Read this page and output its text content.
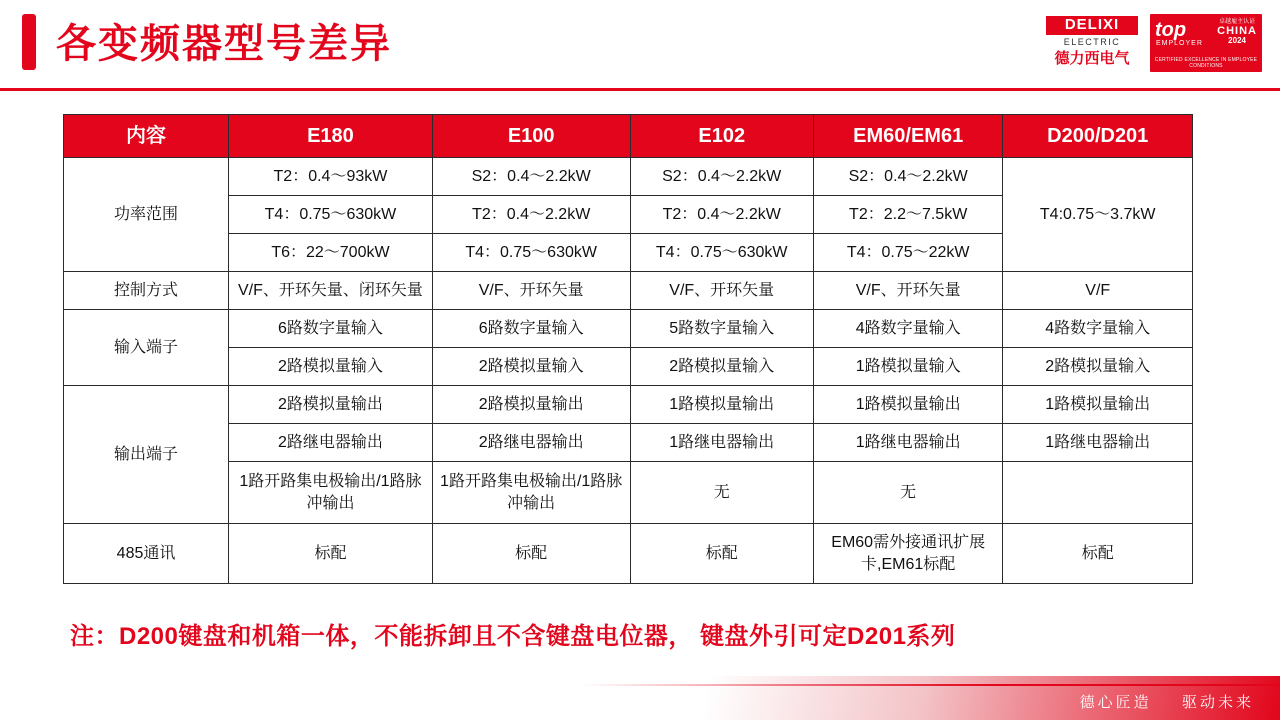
各变频器型号差异	DELIXI
ELECTRIC
德力西电气
top
EMPLOYER
卓越雇主认证
CHINA
2024
CERTIFIED EXCELLENCE IN EMPLOYEE CONDITIONS
内容	E180	E100	E102	EM60/EM61	D200/D201
功率范围	T2：0.4～93kW	S2：0.4～2.2kW	S2：0.4～2.2kW	S2：0.4～2.2kW	T4:0.75～3.7kW
	T4：0.75～630kW	T2：0.4～2.2kW	T2：0.4～2.2kW	T2：2.2～7.5kW	
	T6：22～700kW	T4：0.75～630kW	T4：0.75～630kW	T4：0.75～22kW	
控制方式	V/F、开环矢量、闭环矢量	V/F、开环矢量	V/F、开环矢量	V/F、开环矢量	V/F
输入端子	6路数字量输入	6路数字量输入	5路数字量输入	4路数字量输入	4路数字量输入
	2路模拟量输入	2路模拟量输入	2路模拟量输入	1路模拟量输入	2路模拟量输入
输出端子	2路模拟量输出	2路模拟量输出	1路模拟量输出	1路模拟量输出	1路模拟量输出
	2路继电器输出	2路继电器输出	1路继电器输出	1路继电器输出	1路继电器输出
	1路开路集电极输出/1路脉冲输出	1路开路集电极输出/1路脉冲输出	无	无	
485通讯	标配	标配	标配	EM60需外接通讯扩展卡,EM61标配	标配
注：D200键盘和机箱一体，不能拆卸且不含键盘电位器， 键盘外引可定D201系列
德心匠造 驱动未来
